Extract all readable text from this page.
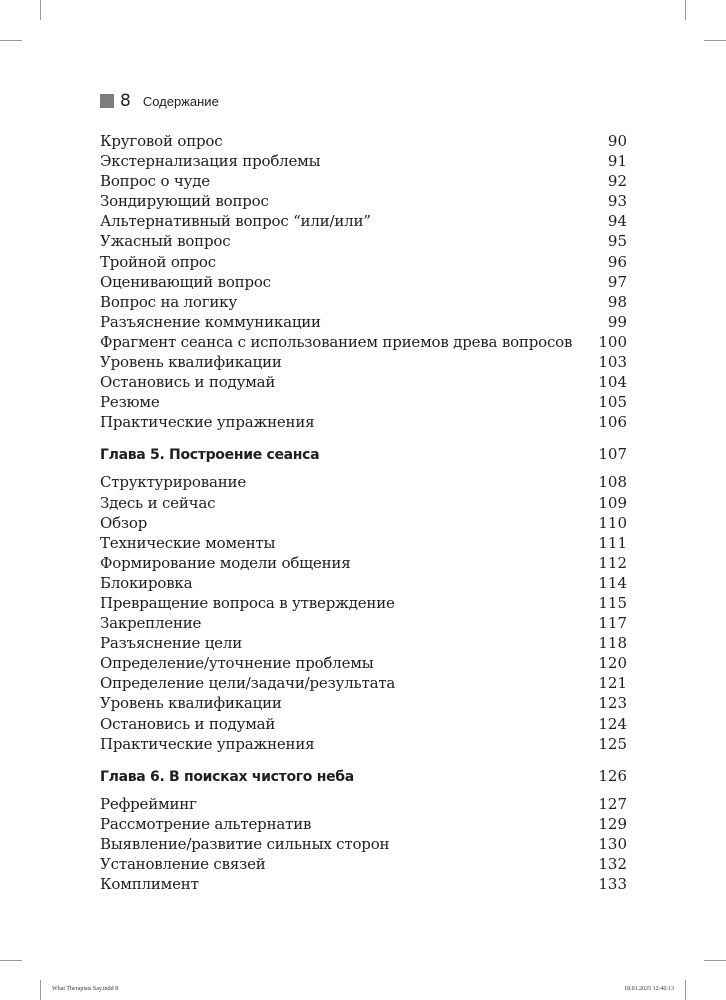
8 Содержание
Круговой опрос	90
Экстернализация проблемы	91
Вопрос о чуде	92
Зондирующий вопрос	93
Альтернативный вопрос “или/или”	94
Ужасный вопрос	95
Тройной опрос	96
Оценивающий вопрос	97
Вопрос на логику	98
Разъяснение коммуникации	99
Фрагмент сеанса с использованием приемов древа вопросов 100
Уровень квалификации	103
Остановись и подумай	104
Резюме	105
Практические упражнения	106
Глава 5. Построение сеанса	107
Структурирование	108
Здесь и сейчас	109
Обзор	110
Технические моменты	111
Формирование модели общения	112
Блокировка	114
Превращение вопроса в утверждение	115
Закрепление	117
Разъяснение цели	118
Определение/уточнение проблемы	120
Определение цели/задачи/результата	121
Уровень квалификации	123
Остановись и подумай	124
Практические упражнения	125
Глава 6. В поисках чистого неба	126
Рефрейминг	127
Рассмотрение альтернатив	129
Выявление/развитие сильных сторон	130
Установление связей	132
Комплимент	133
What Therapists Say.indd 8	18.01.2025 12:46:13
